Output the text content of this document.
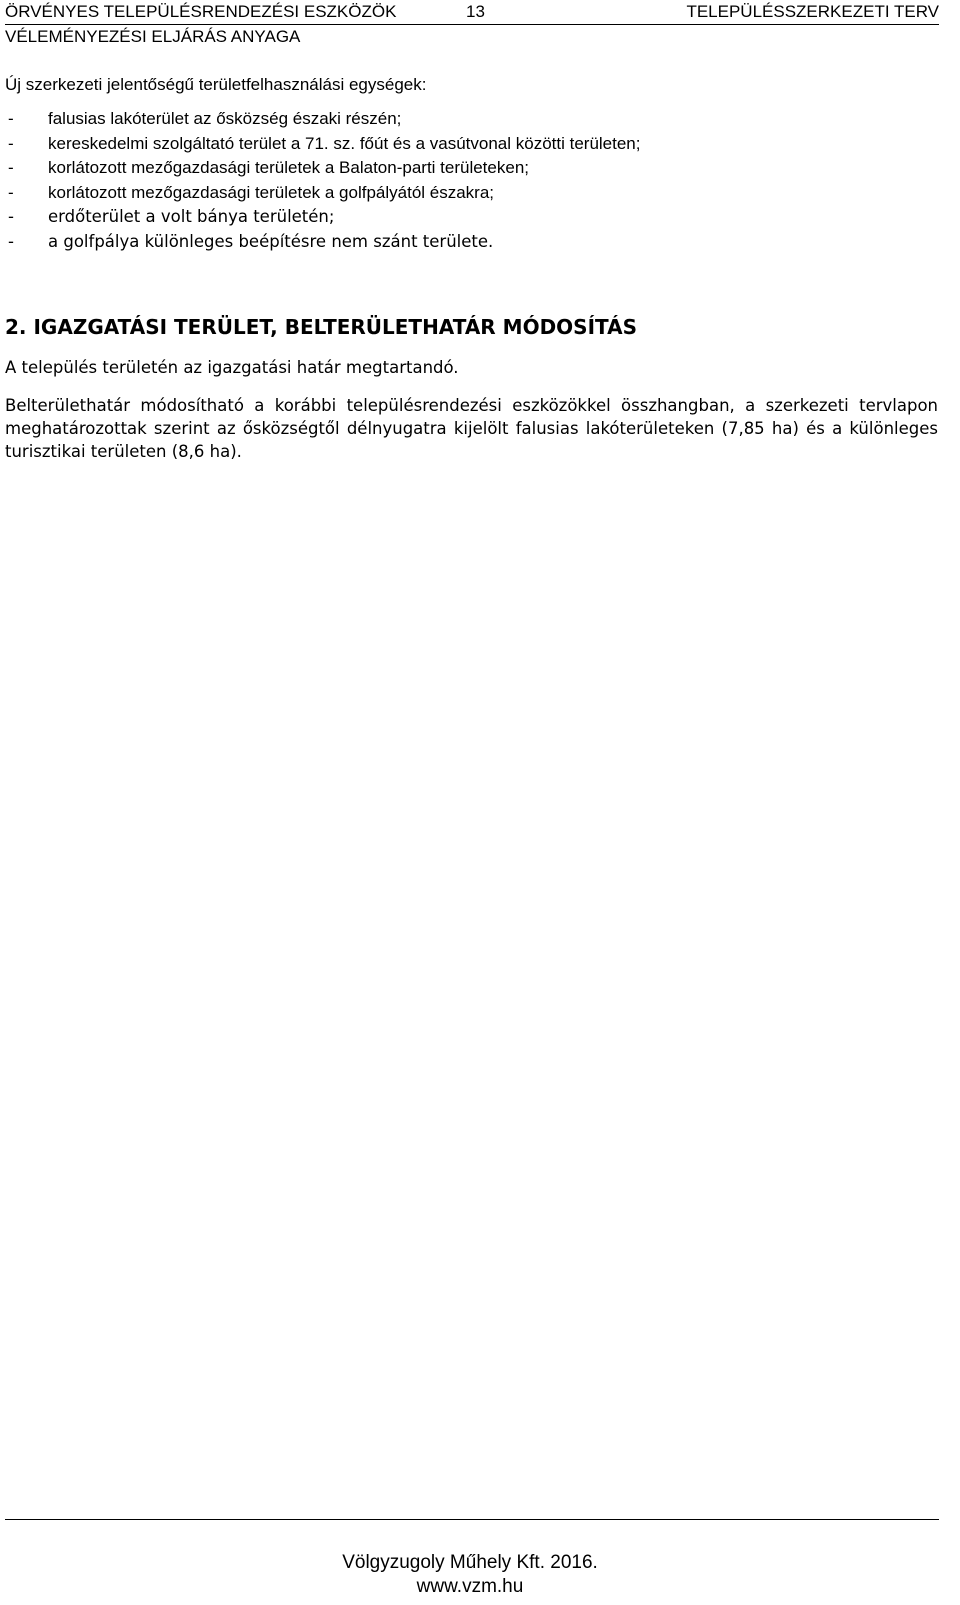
ÖRVÉNYES TELEPÜLÉSRENDEZÉSI ESZKÖZÖK	13	TELEPÜLÉSSZERKEZETI TERV
VÉLEMÉNYEZÉSI ELJÁRÁS ANYAGA

Új szerkezeti jelentőségű területfelhasználási egységek:

- falusias lakóterület az ősközség északi részén;
- kereskedelmi szolgáltató terület a 71. sz. főút és a vasútvonal közötti területen;
- korlátozott mezőgazdasági területek a Balaton-parti területeken;
- korlátozott mezőgazdasági területek a golfpályától északra;
- erdőterület a volt bánya területén;
- a golfpálya különleges beépítésre nem szánt területe.
2. IGAZGATÁSI TERÜLET, BELTERÜLETHATÁR MÓDOSÍTÁS

A település területén az igazgatási határ megtartandó.

Belterülethatár módosítható a korábbi településrendezési eszközökkel összhangban, a szerkezeti tervlapon meghatározottak szerint az ősközségtől délnyugatra kijelölt falusias lakóterületeken (7,85 ha) és a különleges turisztikai területen (8,6 ha).

Völgyzugoly Műhely Kft. 2016.
www.vzm.hu
